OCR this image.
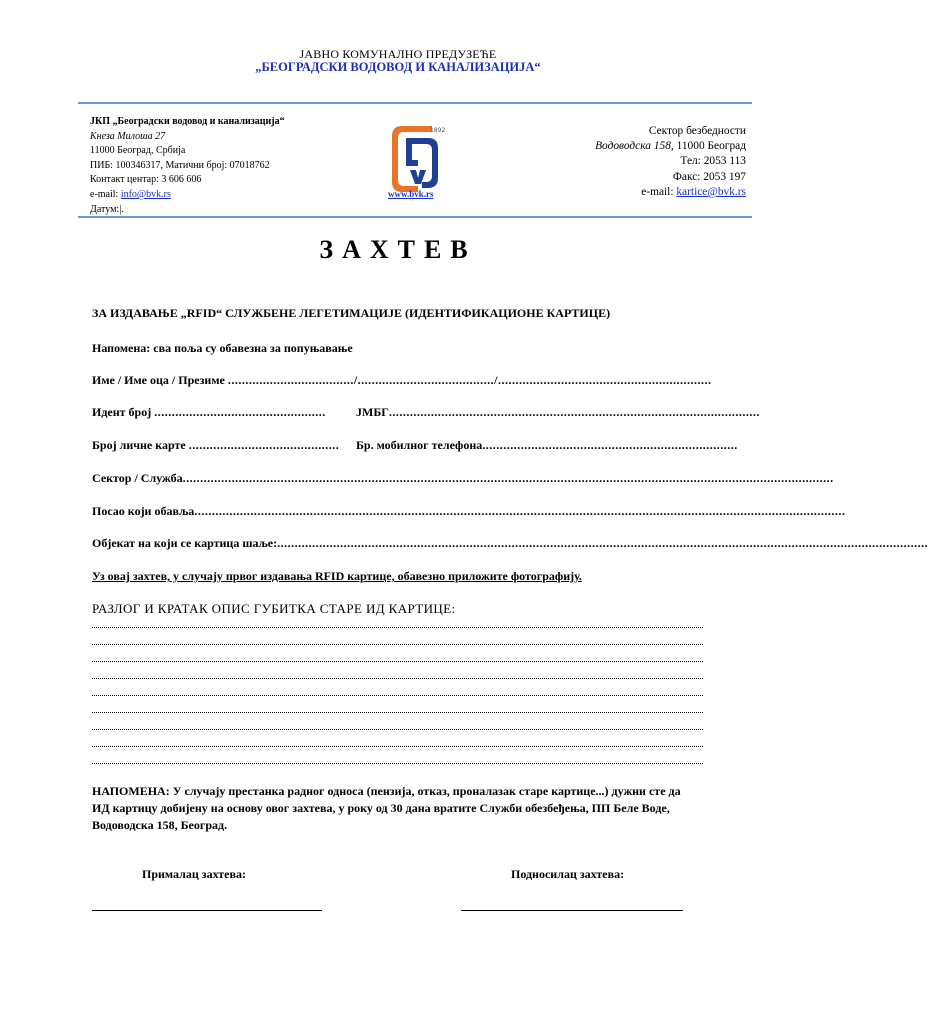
ЈАВНО КОМУНАЛНО ПРЕДУЗЕЋЕ
„БЕОГРАДСКИ ВОДОВОД И КАНАЛИЗАЦИЈА“
ЈКП „Београдски водовод и канализација“
Кнеза Милоша 27
11000 Београд, Србија
ПИБ: 100346317, Матични број: 07018762
Контакт центар: 3 606 606
e-mail: info@bvk.rs
Датум:|.
1892
www.bvk.rs
Сектор безбедности
Водоводска 158, 11000 Београд
Тел: 2053 113
Факс: 2053 197
e-mail: kartice@bvk.rs
ЗАХТЕВ
ЗА ИЗДАВАЊЕ „RFID“ СЛУЖБЕНЕ ЛЕГЕТИМАЦИЈЕ (ИДЕНТИФИКАЦИОНЕ КАРТИЦЕ)
Напомена: сва поља су обавезна за попуњавање
Име / Име оца / Презиме ..................................../......................................./.............................................................
Идент број .................................................	ЈМБГ..........................................................................................................
Број личне карте ........................................... Бр. мобилног телефона.........................................................................
Сектор / Служба..........................................................................................................................................................................................
Посао који обавља..........................................................................................................................................................................................
Објекат на који се картица шаље:..........................................................................................................................................................................................
Уз овај захтев, у случају првог издавања RFID картице, обавезно приложите фотографију.
РАЗЛОГ И КРАТАК ОПИС ГУБИТКА СТАРЕ ИД КАРТИЦЕ:
НАПОМЕНА: У случају престанка радног односа (пензија, отказ, проналазак старе картице...) дужни сте да ИД картицу добијену на основу овог захтева, у року од 30 дана вратите Служби обезбеђења, ПП Беле Воде, Водоводска 158, Београд.
Прималац захтева:	Подносилац захтева:
